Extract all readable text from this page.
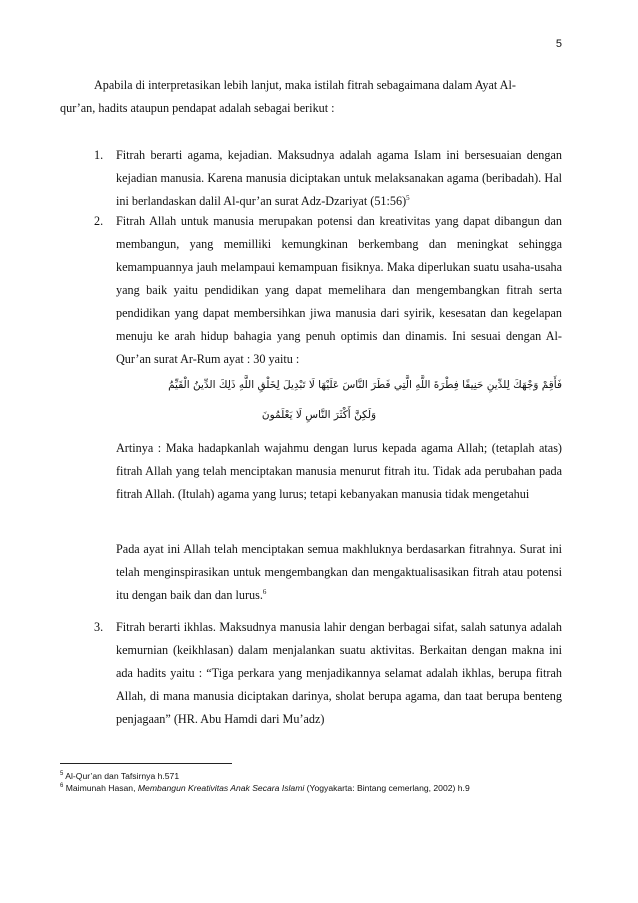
5
Apabila di interpretasikan lebih lanjut, maka istilah fitrah sebagaimana dalam Ayat Al-
qur’an, hadits ataupun pendapat adalah sebagai berikut :
1. Fitrah berarti agama, kejadian. Maksudnya adalah agama Islam ini bersesuaian dengan kejadian manusia. Karena manusia diciptakan untuk melaksanakan agama (beribadah). Hal ini berlandaskan dalil Al-qur’an surat Adz-Dzariyat (51:56)$^5$
2. Fitrah Allah untuk manusia merupakan potensi dan kreativitas yang dapat dibangun dan membangun, yang memilliki kemungkinan berkembang dan meningkat sehingga kemampuannya jauh melampaui kemampuan fisiknya. Maka diperlukan suatu usaha-usaha yang baik yaitu pendidikan yang dapat memelihara dan mengembangkan fitrah serta pendidikan yang dapat membersihkan jiwa manusia dari syirik, kesesatan dan kegelapan menuju ke arah hidup bahagia yang penuh optimis dan dinamis. Ini sesuai dengan Al-Qur’an surat Ar-Rum ayat : 30 yaitu :
فَأَقِمْ وَجْهَكَ لِلدِّينِ حَنِيفًا فِطْرَةَ اللَّهِ الَّتِي فَطَرَ النَّاسَ عَلَيْهَا لَا تَبْدِيلَ لِخَلْقِ اللَّهِ ذَلِكَ الدِّينُ الْقَيِّمُ
وَلَكِنَّ أَكْثَرَ النَّاسِ لَا يَعْلَمُونَ
Artinya : Maka hadapkanlah wajahmu dengan lurus kepada agama Allah; (tetaplah atas) fitrah Allah yang telah menciptakan manusia menurut fitrah itu. Tidak ada perubahan pada fitrah Allah. (Itulah) agama yang lurus; tetapi kebanyakan manusia tidak mengetahui
Pada ayat ini Allah telah menciptakan semua makhluknya berdasarkan fitrahnya. Surat ini telah menginspirasikan untuk mengembangkan dan mengaktualisasikan fitrah atau potensi itu dengan baik dan dan lurus.$^6$
3. Fitrah berarti ikhlas. Maksudnya manusia lahir dengan berbagai sifat, salah satunya adalah kemurnian (keikhlasan) dalam menjalankan suatu aktivitas. Berkaitan dengan makna ini ada hadits yaitu : “Tiga perkara yang menjadikannya selamat adalah ikhlas, berupa fitrah Allah, di mana manusia diciptakan darinya, sholat berupa agama, dan taat berupa benteng penjagaan” (HR. Abu Hamdi dari Mu’adz)
$^5$ Al-Qur’an dan Tafsirnya h.571
$^6$ Maimunah Hasan, Membangun Kreativitas Anak Secara Islami (Yogyakarta: Bintang cemerlang, 2002) h.9
